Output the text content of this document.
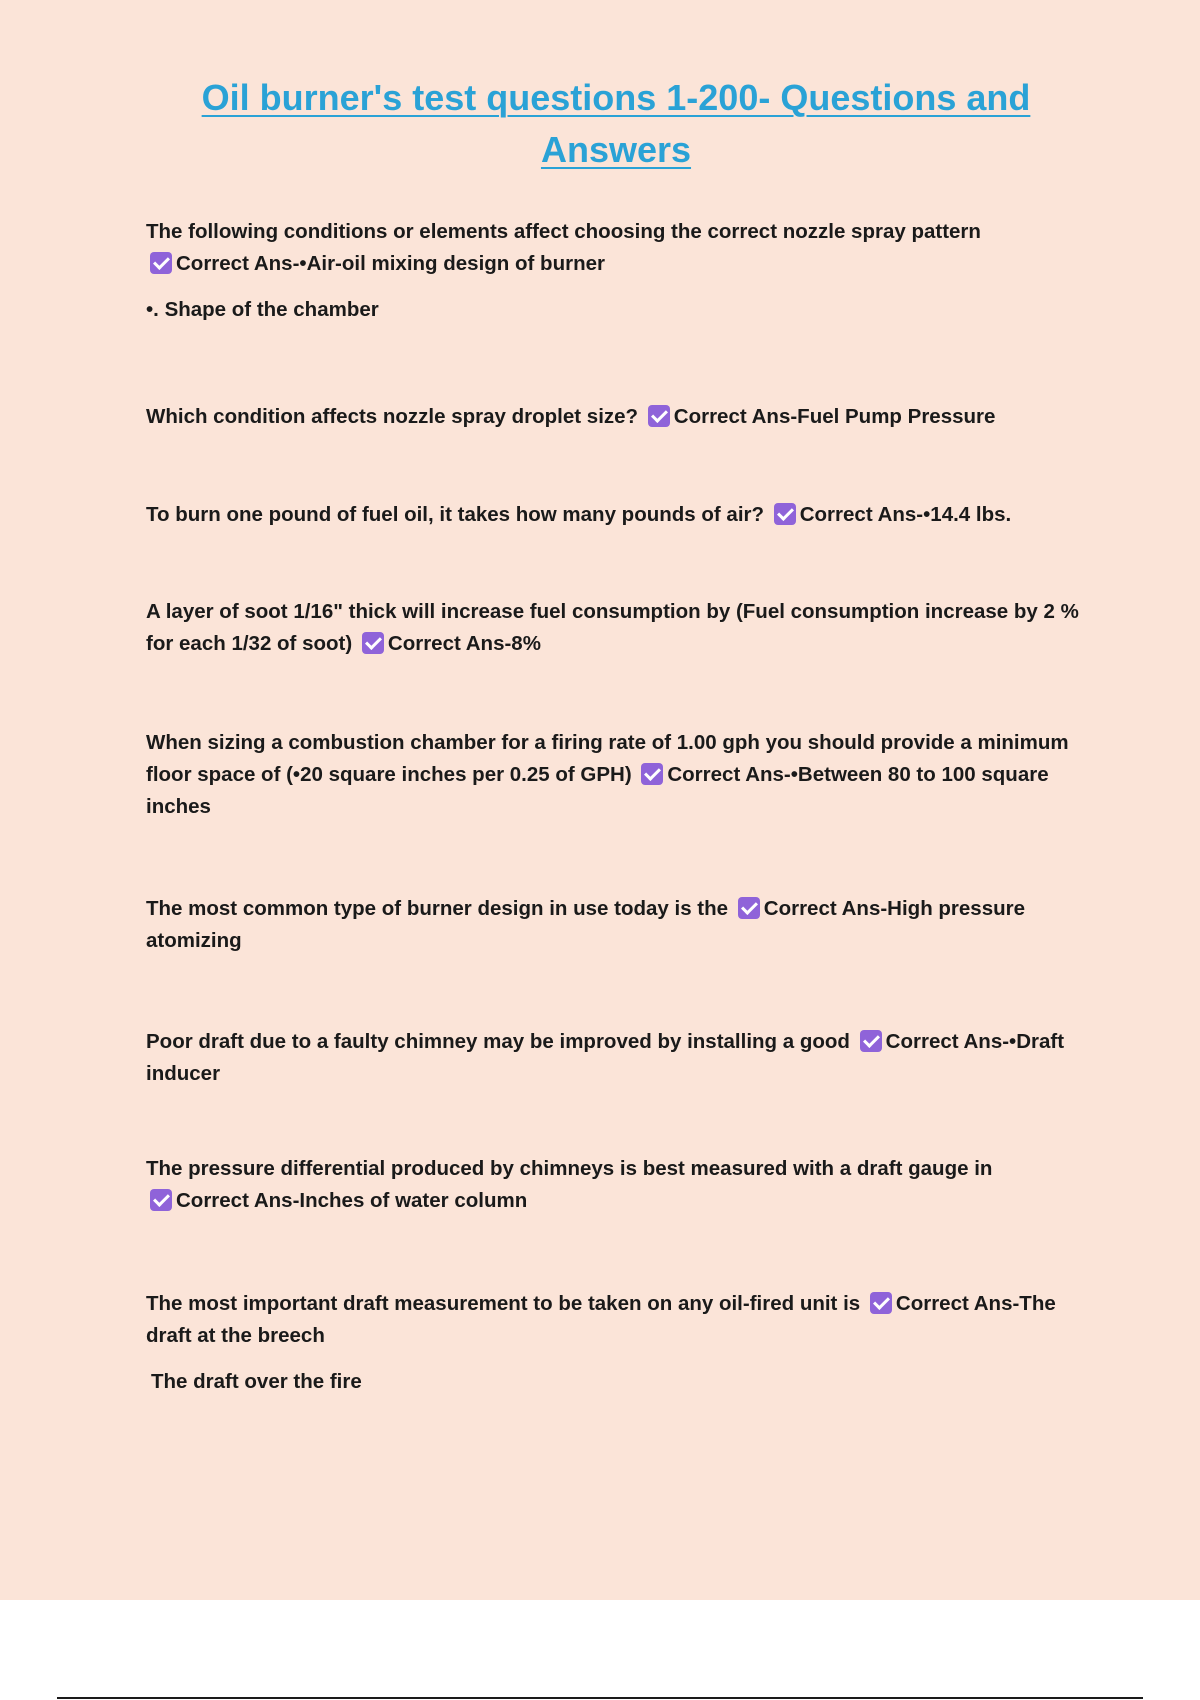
Oil burner's test questions 1-200- Questions and Answers

The following conditions or elements affect choosing the correct nozzle spray pattern
Correct Ans-•Air-oil mixing design of burner

•. Shape of the chamber

Which condition affects nozzle spray droplet size? Correct Ans-Fuel Pump Pressure

To burn one pound of fuel oil, it takes how many pounds of air? Correct Ans-•14.4 lbs.

A layer of soot 1/16" thick will increase fuel consumption by (Fuel consumption increase by 2 % for each 1/32 of soot) Correct Ans-8%

When sizing a combustion chamber for a firing rate of 1.00 gph you should provide a minimum floor space of (•20 square inches per 0.25 of GPH) Correct Ans-•Between 80 to 100 square inches

The most common type of burner design in use today is the Correct Ans-High pressure atomizing

Poor draft due to a faulty chimney may be improved by installing a good Correct Ans-•Draft inducer

The pressure differential produced by chimneys is best measured with a draft gauge in
Correct Ans-Inches of water column

The most important draft measurement to be taken on any oil-fired unit is Correct Ans-The draft at the breech

The draft over the fire
